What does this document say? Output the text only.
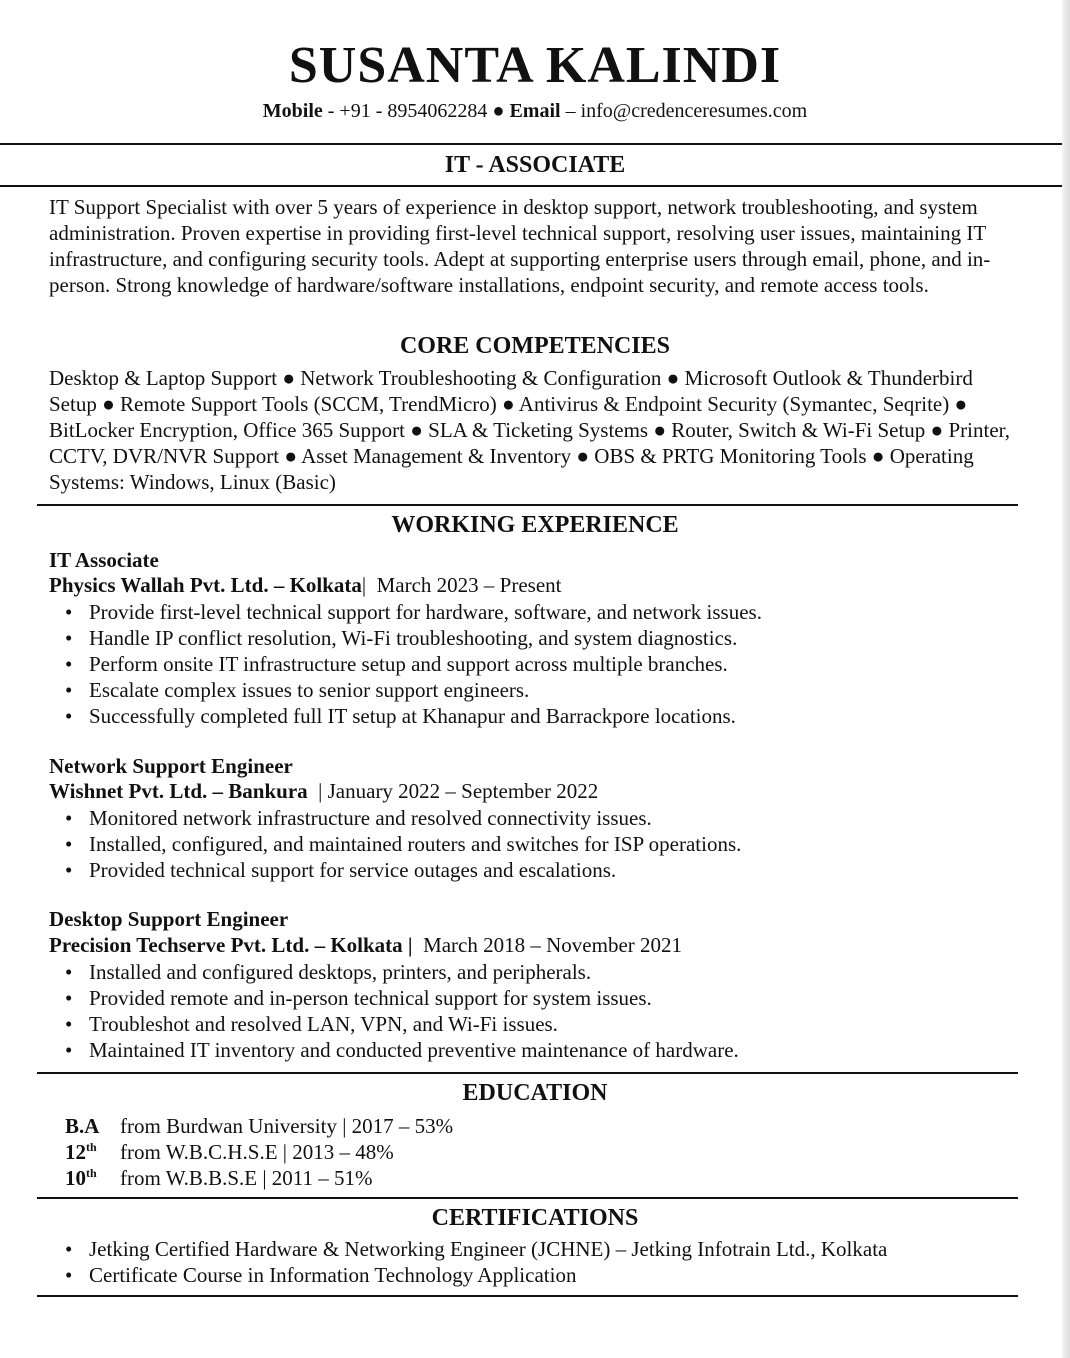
SUSANTA KALINDI
Mobile - +91 - 8954062284 ● Email – info@credenceresumes.com
IT - ASSOCIATE
IT Support Specialist with over 5 years of experience in desktop support, network troubleshooting, and system administration. Proven expertise in providing first-level technical support, resolving user issues, maintaining IT infrastructure, and configuring security tools. Adept at supporting enterprise users through email, phone, and in-person. Strong knowledge of hardware/software installations, endpoint security, and remote access tools.
CORE COMPETENCIES
Desktop & Laptop Support ● Network Troubleshooting & Configuration ● Microsoft Outlook & Thunderbird Setup ● Remote Support Tools (SCCM, TrendMicro) ● Antivirus & Endpoint Security (Symantec, Seqrite) ● BitLocker Encryption, Office 365 Support ● SLA & Ticketing Systems ● Router, Switch & Wi-Fi Setup ● Printer, CCTV, DVR/NVR Support ● Asset Management & Inventory ● OBS & PRTG Monitoring Tools ● Operating Systems: Windows, Linux (Basic)
WORKING EXPERIENCE
IT Associate
Physics Wallah Pvt. Ltd. – Kolkata|  March 2023 – Present
• Provide first-level technical support for hardware, software, and network issues.
• Handle IP conflict resolution, Wi-Fi troubleshooting, and system diagnostics.
• Perform onsite IT infrastructure setup and support across multiple branches.
• Escalate complex issues to senior support engineers.
• Successfully completed full IT setup at Khanapur and Barrackpore locations.
Network Support Engineer
Wishnet Pvt. Ltd. – Bankura  | January 2022 – September 2022
• Monitored network infrastructure and resolved connectivity issues.
• Installed, configured, and maintained routers and switches for ISP operations.
• Provided technical support for service outages and escalations.
Desktop Support Engineer
Precision Techserve Pvt. Ltd. – Kolkata |  March 2018 – November 2021
• Installed and configured desktops, printers, and peripherals.
• Provided remote and in-person technical support for system issues.
• Troubleshot and resolved LAN, VPN, and Wi-Fi issues.
• Maintained IT inventory and conducted preventive maintenance of hardware.
EDUCATION
B.A from Burdwan University | 2017 – 53%
12th from W.B.C.H.S.E | 2013 – 48%
10th from W.B.B.S.E | 2011 – 51%
CERTIFICATIONS
• Jetking Certified Hardware & Networking Engineer (JCHNE) – Jetking Infotrain Ltd., Kolkata
• Certificate Course in Information Technology Application
